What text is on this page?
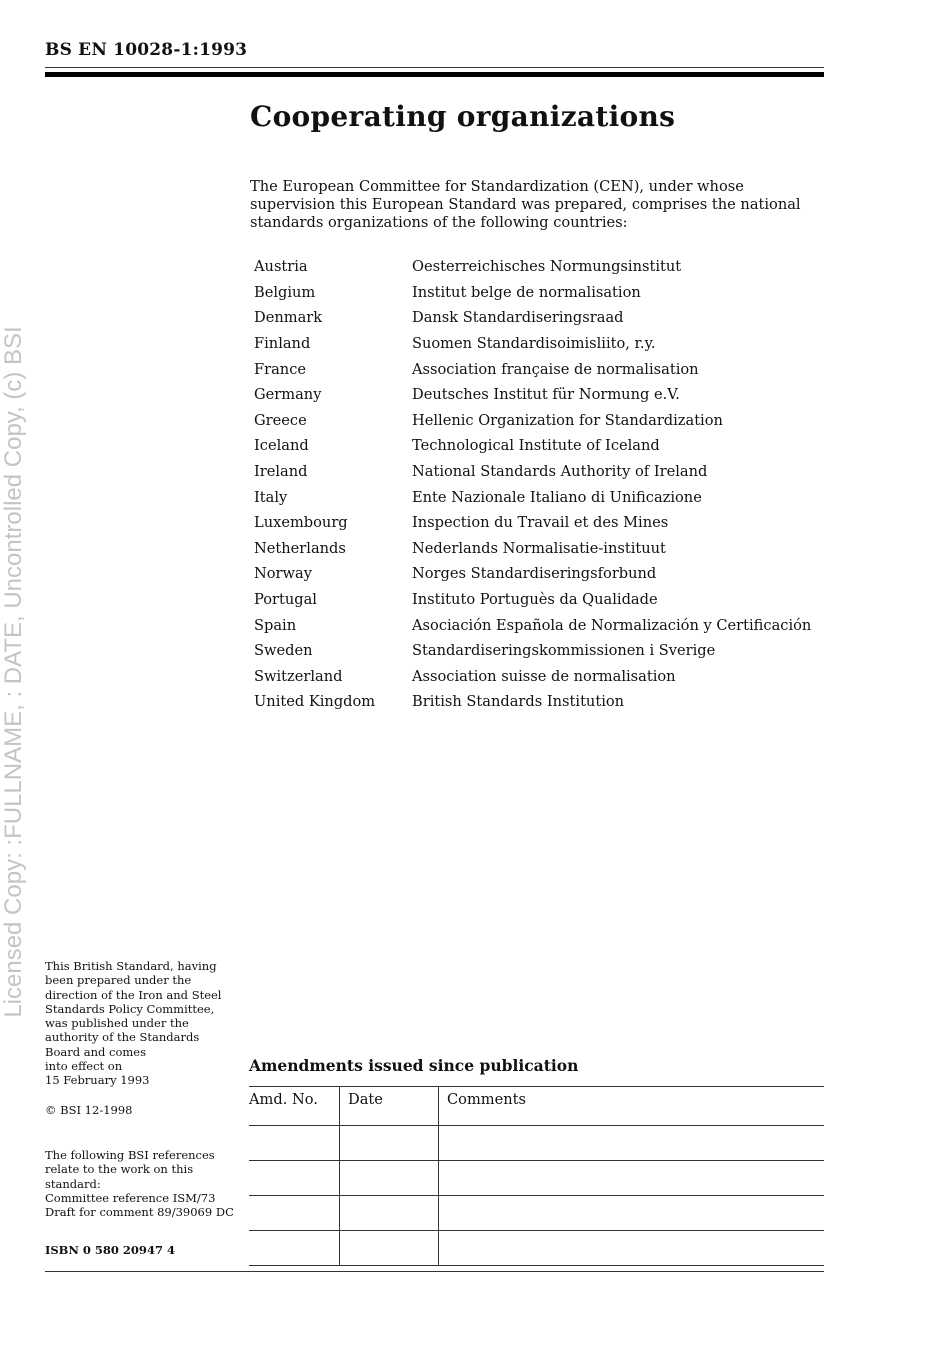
BS EN 10028-1:1993
Licensed Copy: :FULLNAME, : DATE, Uncontrolled Copy, (c) BSI
Cooperating organizations

The European Committee for Standardization (CEN), under whose supervision this European Standard was prepared, comprises the national standards organizations of the following countries:

Austria	Oesterreichisches Normungsinstitut
Belgium	Institut belge de normalisation
Denmark	Dansk Standardiseringsraad
Finland	Suomen Standardisoimisliito, r.y.
France	Association française de normalisation
Germany	Deutsches Institut für Normung e.V.
Greece	Hellenic Organization for Standardization
Iceland	Technological Institute of Iceland
Ireland	National Standards Authority of Ireland
Italy	Ente Nazionale Italiano di Unificazione
Luxembourg	Inspection du Travail et des Mines
Netherlands	Nederlands Normalisatie-instituut
Norway	Norges Standardiseringsforbund
Portugal	Instituto Portuguès da Qualidade
Spain	Asociación Española de Normalización y Certificación
Sweden	Standardiseringskommissionen i Sverige
Switzerland	Association suisse de normalisation
United Kingdom	British Standards Institution
This British Standard, having
been prepared under the
direction of the Iron and Steel
Standards Policy Committee,
was published under the
authority of the Standards
Board and comes
into effect on
15 February 1993
© BSI 12-1998
The following BSI references
relate to the work on this
standard:
Committee reference ISM/73
Draft for comment 89/39069 DC
ISBN 0 580 20947 4
Amendments issued since publication
Amd. No.	Date	Comments
